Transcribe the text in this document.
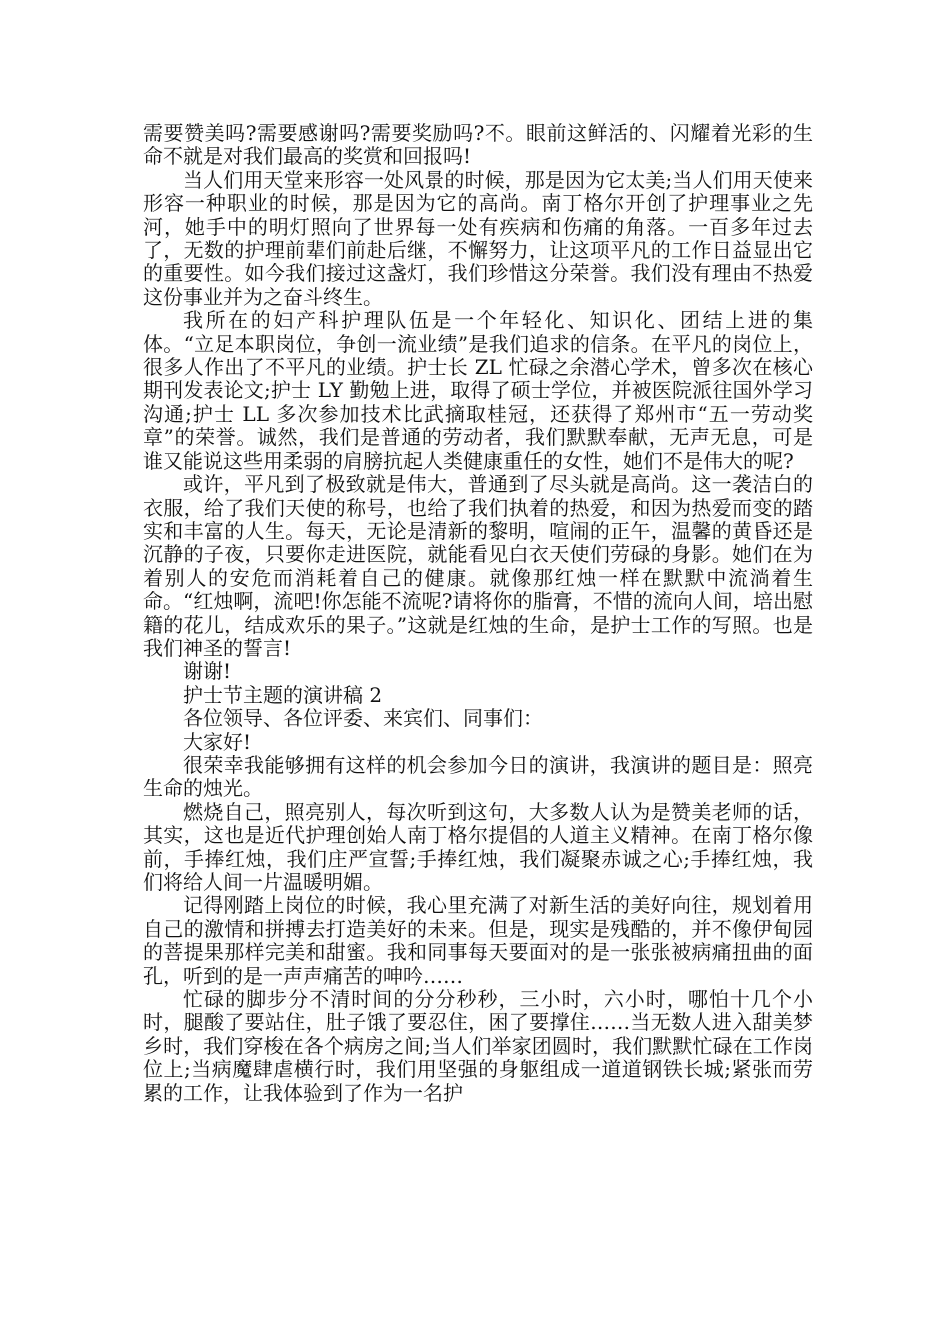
需要赞美吗?需要感谢吗?需要奖励吗?不。眼前这鲜活的、闪耀着光彩的生命不就是对我们最高的奖赏和回报吗!

当人们用天堂来形容一处风景的时候，那是因为它太美;当人们用天使来形容一种职业的时候，那是因为它的高尚。南丁格尔开创了护理事业之先河，她手中的明灯照向了世界每一处有疾病和伤痛的角落。一百多年过去了，无数的护理前辈们前赴后继，不懈努力，让这项平凡的工作日益显出它的重要性。如今我们接过这盏灯，我们珍惜这分荣誉。我们没有理由不热爱这份事业并为之奋斗终生。

我所在的妇产科护理队伍是一个年轻化、知识化、团结上进的集体。“立足本职岗位，争创一流业绩”是我们追求的信条。在平凡的岗位上，很多人作出了不平凡的业绩。护士长 ZL 忙碌之余潜心学术，曾多次在核心期刊发表论文;护士 LY 勤勉上进，取得了硕士学位，并被医院派往国外学习沟通;护士 LL 多次参加技术比武摘取桂冠，还获得了郑州市“五一劳动奖章”的荣誉。诚然，我们是普通的劳动者，我们默默奉献，无声无息，可是谁又能说这些用柔弱的肩膀抗起人类健康重任的女性，她们不是伟大的呢?

或许，平凡到了极致就是伟大，普通到了尽头就是高尚。这一袭洁白的衣服，给了我们天使的称号，也给了我们执着的热爱，和因为热爱而变的踏实和丰富的人生。每天，无论是清新的黎明，喧闹的正午，温馨的黄昏还是沉静的子夜，只要你走进医院，就能看见白衣天使们劳碌的身影。她们在为着别人的安危而消耗着自己的健康。就像那红烛一样在默默中流淌着生命。“红烛啊，流吧!你怎能不流呢?请将你的脂膏，不惜的流向人间，培出慰籍的花儿，结成欢乐的果子。”这就是红烛的生命，是护士工作的写照。也是我们神圣的誓言!

谢谢!

护士节主题的演讲稿 2

各位领导、各位评委、来宾们、同事们：

大家好!

很荣幸我能够拥有这样的机会参加今日的演讲，我演讲的题目是：照亮生命的烛光。

燃烧自己，照亮别人，每次听到这句，大多数人认为是赞美老师的话，其实，这也是近代护理创始人南丁格尔提倡的人道主义精神。在南丁格尔像前，手捧红烛，我们庄严宣誓;手捧红烛，我们凝聚赤诚之心;手捧红烛，我们将给人间一片温暖明媚。

记得刚踏上岗位的时候，我心里充满了对新生活的美好向往，规划着用自己的激情和拼搏去打造美好的未来。但是，现实是残酷的，并不像伊甸园的菩提果那样完美和甜蜜。我和同事每天要面对的是一张张被病痛扭曲的面孔，听到的是一声声痛苦的呻吟……

忙碌的脚步分不清时间的分分秒秒，三小时，六小时，哪怕十几个小时，腿酸了要站住，肚子饿了要忍住，困了要撑住……当无数人进入甜美梦乡时，我们穿梭在各个病房之间;当人们举家团圆时，我们默默忙碌在工作岗位上;当病魔肆虐横行时，我们用坚强的身躯组成一道道钢铁长城;紧张而劳累的工作，让我体验到了作为一名护
